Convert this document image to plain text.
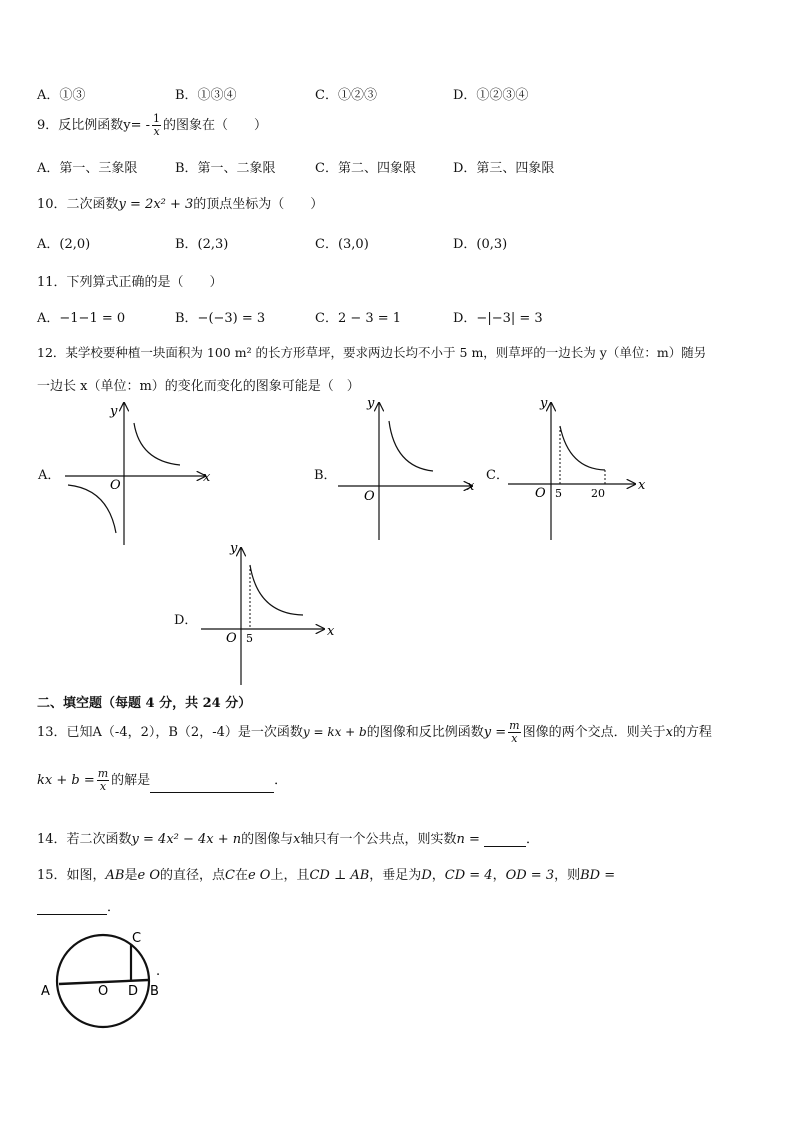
A．①③	B．①③④	C．①②③	D．①②③④
9．反比例函数$y= - \frac{1}{x}$ 的图象在（　　）
A．第一、三象限	B．第一、二象限	C．第二、四象限	D．第三、四象限
10．二次函数y = 2x² + 3的顶点坐标为（　　）
A．(2,0)	B．(2,3)	C．(3,0)	D．(0,3)
11．下列算式正确的是（　　）
A．−1−1 = 0	B．−(−3) = 3	C．2 − 3 = 1	D．−|−3| = 3
12．某学校要种植一块面积为 100 m² 的长方形草坪，要求两边长均不小于 5 m，则草坪的一边长为 y（单位：m）随另
一边长 x（单位：m）的变化而变化的图象可能是（　）
A．
y
x
O
B．
y
x
O
C．
y
x
O 5	20
D．
y
x
O 5
二、填空题（每题 4 分，共 24 分）
13．已知A（-4，2），B（2，-4）是一次函数y = kx + b的图像和反比例函数$y = \frac{m}{x}$ 图像的两个交点．则关于x的方程
kx + $b = \frac{m}{x}$ 的解是	．
14．若二次函数y = 4x² − 4x + n的图像与x轴只有一个公共点，则实数n =	．
15．如图，AB是e O的直径，点C在e O上，且CD ⊥ AB，垂足为D，CD = 4，OD = 3，则BD =
．
A	O D B
C
.
